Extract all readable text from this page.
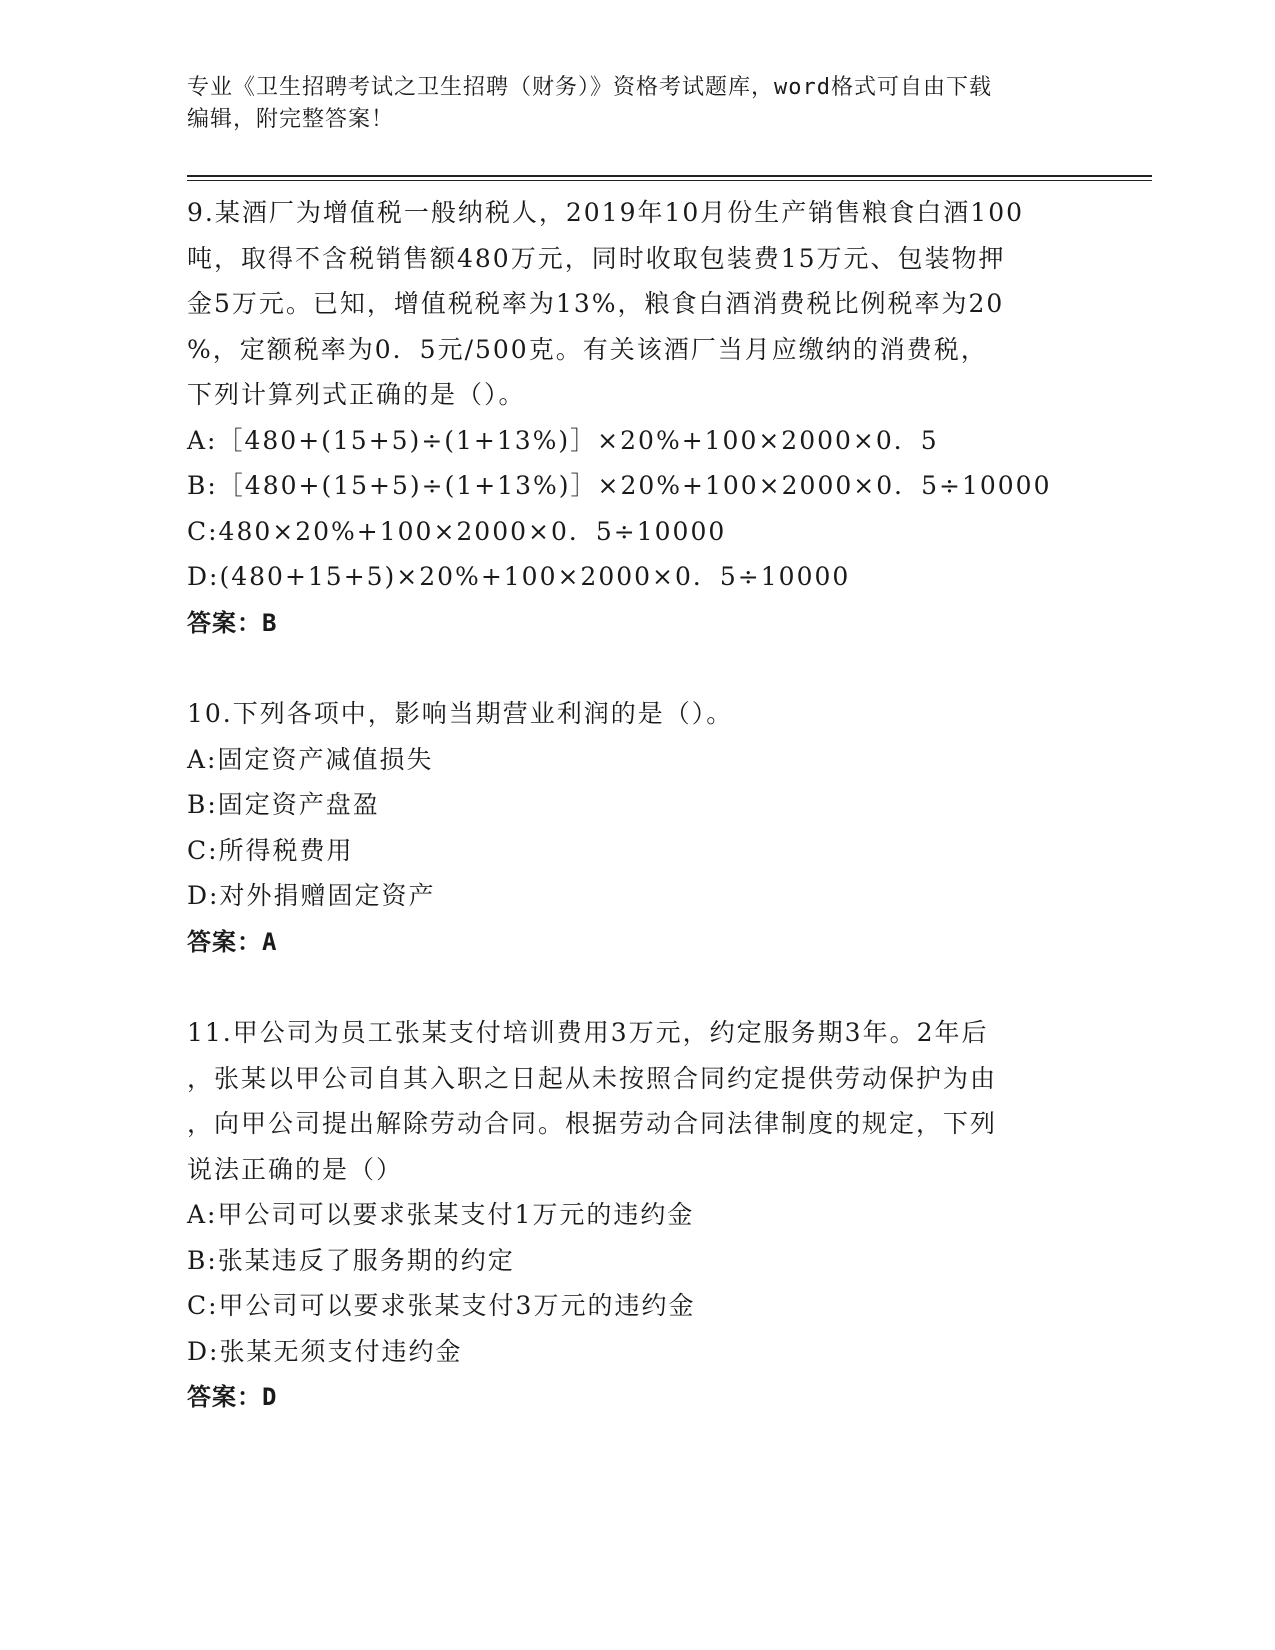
专业《卫生招聘考试之卫生招聘（财务）》资格考试题库，word格式可自由下载
编辑，附完整答案！
9.某酒厂为增值税一般纳税人，2019年10月份生产销售粮食白酒100
吨，取得不含税销售额480万元，同时收取包装费15万元、包装物押
金5万元。已知，增值税税率为13%，粮食白酒消费税比例税率为20
%，定额税率为0．5元/500克。有关该酒厂当月应缴纳的消费税，
下列计算列式正确的是（）。
A:［480+(15+5)÷(1+13%)］×20%+100×2000×0．5
B:［480+(15+5)÷(1+13%)］×20%+100×2000×0．5÷10000
C:480×20%+100×2000×0．5÷10000
D:(480+15+5)×20%+100×2000×0．5÷10000
答案：B
10.下列各项中，影响当期营业利润的是（）。
A:固定资产减值损失
B:固定资产盘盈
C:所得税费用
D:对外捐赠固定资产
答案：A
11.甲公司为员工张某支付培训费用3万元，约定服务期3年。2年后
，张某以甲公司自其入职之日起从未按照合同约定提供劳动保护为由
，向甲公司提出解除劳动合同。根据劳动合同法律制度的规定，下列
说法正确的是（）
A:甲公司可以要求张某支付1万元的违约金
B:张某违反了服务期的约定
C:甲公司可以要求张某支付3万元的违约金
D:张某无须支付违约金
答案：D
